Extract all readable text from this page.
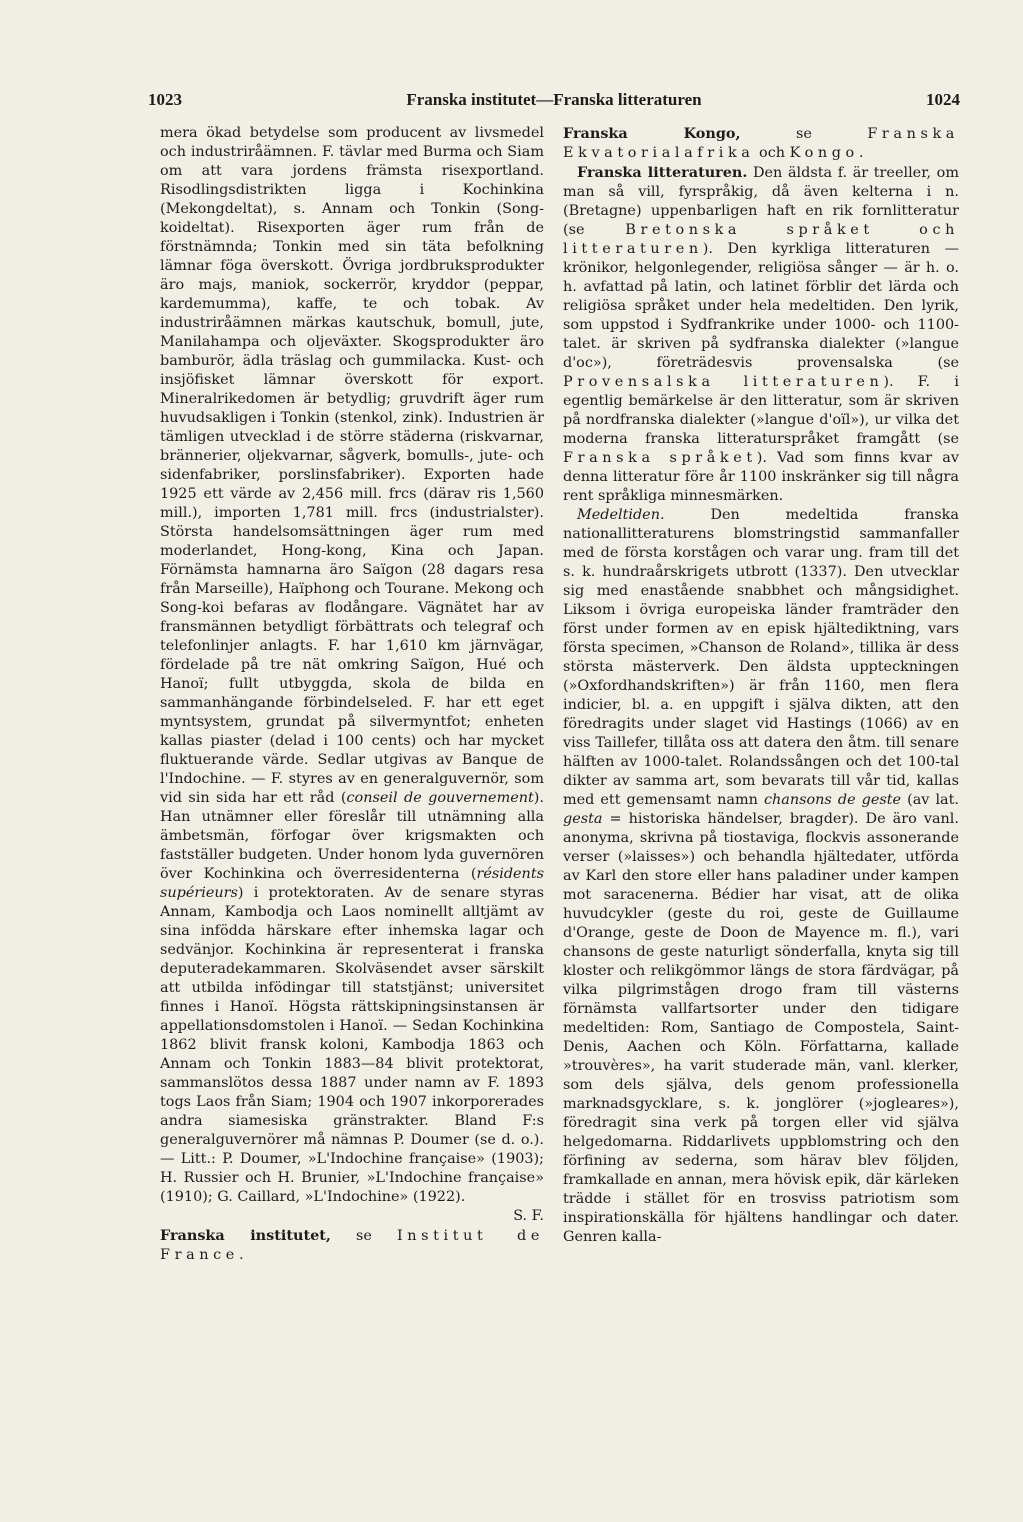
1023	Franska institutet—Franska litteraturen	1024

mera ökad betydelse som producent av livsmedel och industriråämnen. F. tävlar med Burma och Siam om att vara jordens främsta risexportland. Risodlingsdistrikten ligga i Kochinkina (Mekongdeltat), s. Annam och Tonkin (Song-koideltat). Risexporten äger rum från de förstnämnda; Tonkin med sin täta befolkning lämnar föga överskott. Övriga jordbruksprodukter äro majs, maniok, sockerrör, kryddor (peppar, kardemumma), kaffe, te och tobak. Av industriråämnen märkas kautschuk, bomull, jute, Manilahampa och oljeväxter. Skogsprodukter äro bamburör, ädla träslag och gummilacka. Kust- och insjöfisket lämnar överskott för export. Mineralrikedomen är betydlig; gruvdrift äger rum huvudsakligen i Tonkin (stenkol, zink). Industrien är tämligen utvecklad i de större städerna (riskvarnar, brännerier, oljekvarnar, sågverk, bomulls-, jute- och sidenfabriker, porslinsfabriker). Exporten hade 1925 ett värde av 2,456 mill. frcs (därav ris 1,560 mill.), importen 1,781 mill. frcs (industrialster). Största handelsomsättningen äger rum med moderlandet, Hong-kong, Kina och Japan. Förnämsta hamnarna äro Saïgon (28 dagars resa från Marseille), Haïphong och Tourane. Mekong och Song-koi befaras av flodångare. Vägnätet har av fransmännen betydligt förbättrats och telegraf och telefonlinjer anlagts. F. har 1,610 km järnvägar, fördelade på tre nät omkring Saïgon, Hué och Hanoï; fullt utbyggda, skola de bilda en sammanhängande förbindelseled. F. har ett eget myntsystem, grundat på silvermyntfot; enheten kallas piaster (delad i 100 cents) och har mycket fluktuerande värde. Sedlar utgivas av Banque de l'Indochine. — F. styres av en generalguvernör, som vid sin sida har ett råd (conseil de gouvernement). Han utnämner eller föreslår till utnämning alla ämbetsmän, förfogar över krigsmakten och fastställer budgeten. Under honom lyda guvernören över Kochinkina och överresidenterna (résidents supérieurs) i protektoraten. Av de senare styras Annam, Kambodja och Laos nominellt alltjämt av sina infödda härskare efter inhemska lagar och sedvänjor. Kochinkina är representerat i franska deputeradekammaren. Skolväsendet avser särskilt att utbilda infödingar till statstjänst; universitet finnes i Hanoï. Högsta rättskipningsinstansen är appellationsdomstolen i Hanoï. — Sedan Kochinkina 1862 blivit fransk koloni, Kambodja 1863 och Annam och Tonkin 1883—84 blivit protektorat, sammanslötos dessa 1887 under namn av F. 1893 togs Laos från Siam; 1904 och 1907 inkorporerades andra siamesiska gränstrakter. Bland F:s generalguvernörer må nämnas P. Doumer (se d. o.). — Litt.: P. Doumer, »L'Indochine française» (1903); H. Russier och H. Brunier, »L'Indochine française» (1910); G. Caillard, »L'Indochine» (1922).

S. F.

Franska institutet, se Institut de France.

Franska Kongo, se Franska Ekvatorialafrika och Kongo.

Franska litteraturen. Den äldsta f. är treeller, om man så vill, fyrspråkig, då även kelterna i n. (Bretagne) uppenbarligen haft en rik fornlitteratur (se Bretonska språket och litteraturen). Den kyrkliga litteraturen — krönikor, helgonlegender, religiösa sånger — är h. o. h. avfattad på latin, och latinet förblir det lärda och religiösa språket under hela medeltiden. Den lyrik, som uppstod i Sydfrankrike under 1000- och 1100-talet. är skriven på sydfranska dialekter (»langue d'oc»), företrädesvis provensalska (se Provensalska litteraturen). F. i egentlig bemärkelse är den litteratur, som är skriven på nordfranska dialekter (»langue d'oïl»), ur vilka det moderna franska litteraturspråket framgått (se Franska språket). Vad som finns kvar av denna litteratur före år 1100 inskränker sig till några rent språkliga minnesmärken.

Medeltiden. Den medeltida franska nationallitteraturens blomstringstid sammanfaller med de första korstågen och varar ung. fram till det s. k. hundraårskrigets utbrott (1337). Den utvecklar sig med enastående snabbhet och mångsidighet. Liksom i övriga europeiska länder framträder den först under formen av en episk hjältediktning, vars första specimen, »Chanson de Roland», tillika är dess största mästerverk. Den äldsta uppteckningen (»Oxfordhandskriften») är från 1160, men flera indicier, bl. a. en uppgift i själva dikten, att den föredragits under slaget vid Hastings (1066) av en viss Taillefer, tillåta oss att datera den åtm. till senare hälften av 1000-talet. Rolandssången och det 100-tal dikter av samma art, som bevarats till vår tid, kallas med ett gemensamt namn chansons de geste (av lat. gesta = historiska händelser, bragder). De äro vanl. anonyma, skrivna på tiostaviga, flockvis assonerande verser (»laisses») och behandla hjältedater, utförda av Karl den store eller hans paladiner under kampen mot saracenerna. Bédier har visat, att de olika huvudcykler (geste du roi, geste de Guillaume d'Orange, geste de Doon de Mayence m. fl.), vari chansons de geste naturligt sönderfalla, knyta sig till kloster och relikgömmor längs de stora färdvägar, på vilka pilgrimstågen drogo fram till västerns förnämsta vallfartsorter under den tidigare medeltiden: Rom, Santiago de Compostela, Saint-Denis, Aachen och Köln. Författarna, kallade »trouvères», ha varit studerade män, vanl. klerker, som dels själva, dels genom professionella marknadsgycklare, s. k. jonglörer (»jogleares»), föredragit sina verk på torgen eller vid själva helgedomarna. Riddarlivets uppblomstring och den förfining av sederna, som härav blev följden, framkallade en annan, mera hövisk epik, där kärleken trädde i stället för en trosviss patriotism som inspirationskälla för hjältens handlingar och dater. Genren kalla-
